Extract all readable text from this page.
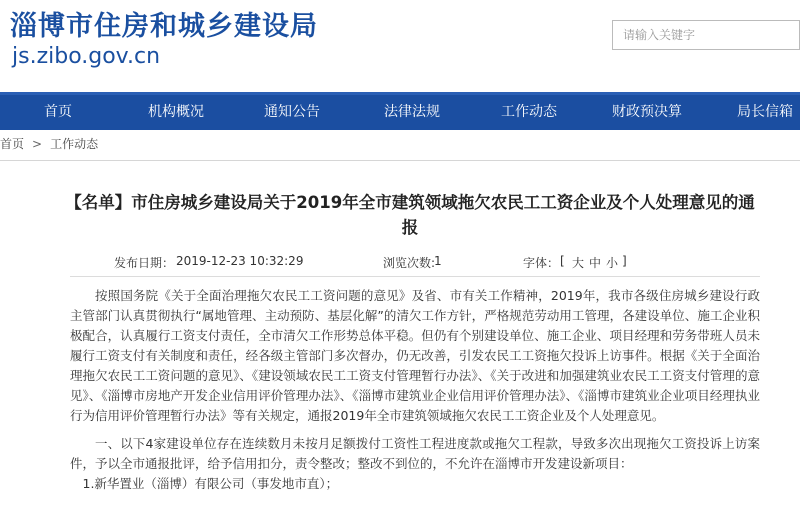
淄博市住房和城乡建设局
js.zibo.gov.cn
请输入关键字
首页	机构概况	通知公告	法律法规	工作动态	财政预决算	局长信箱
首页 > 工作动态
【名单】市住房城乡建设局关于2019年全市建筑领域拖欠农民工工资企业及个人处理意见的通报
发布日期： 2019-12-23 10:32:29	浏览次数:
1	字体： [ 大 中 小 ]

按照国务院《关于全面治理拖欠农民工工资问题的意见》及省、市有关工作精神，2019年，我市各级住房城乡建设行政主管部门认真贯彻执行“属地管理、主动预防、基层化解”的清欠工作方针，严格规范劳动用工管理，各建设单位、施工企业积极配合，认真履行工资支付责任，全市清欠工作形势总体平稳。但仍有个别建设单位、施工企业、项目经理和劳务带班人员未履行工资支付有关制度和责任，经各级主管部门多次督办，仍无改善，引发农民工工资拖欠投诉上访事件。根据《关于全面治理拖欠农民工工资问题的意见》、《建设领域农民工工资支付管理暂行办法》、《关于改进和加强建筑业农民工工资支付管理的意见》、《淄博市房地产开发企业信用评价管理办法》、《淄博市建筑业企业信用评价管理办法》、《淄博市建筑业企业项目经理执业行为信用评价管理暂行办法》等有关规定，通报2019年全市建筑领域拖欠农民工工资企业及个人处理意见。

一、以下4家建设单位存在连续数月未按月足额拨付工资性工程进度款或拖欠工程款，导致多次出现拖欠工资投诉上访案件，予以全市通报批评，给予信用扣分，责令整改；整改不到位的，不允许在淄博市开发建设新项目：

1.新华置业（淄博）有限公司（事发地市直）；
